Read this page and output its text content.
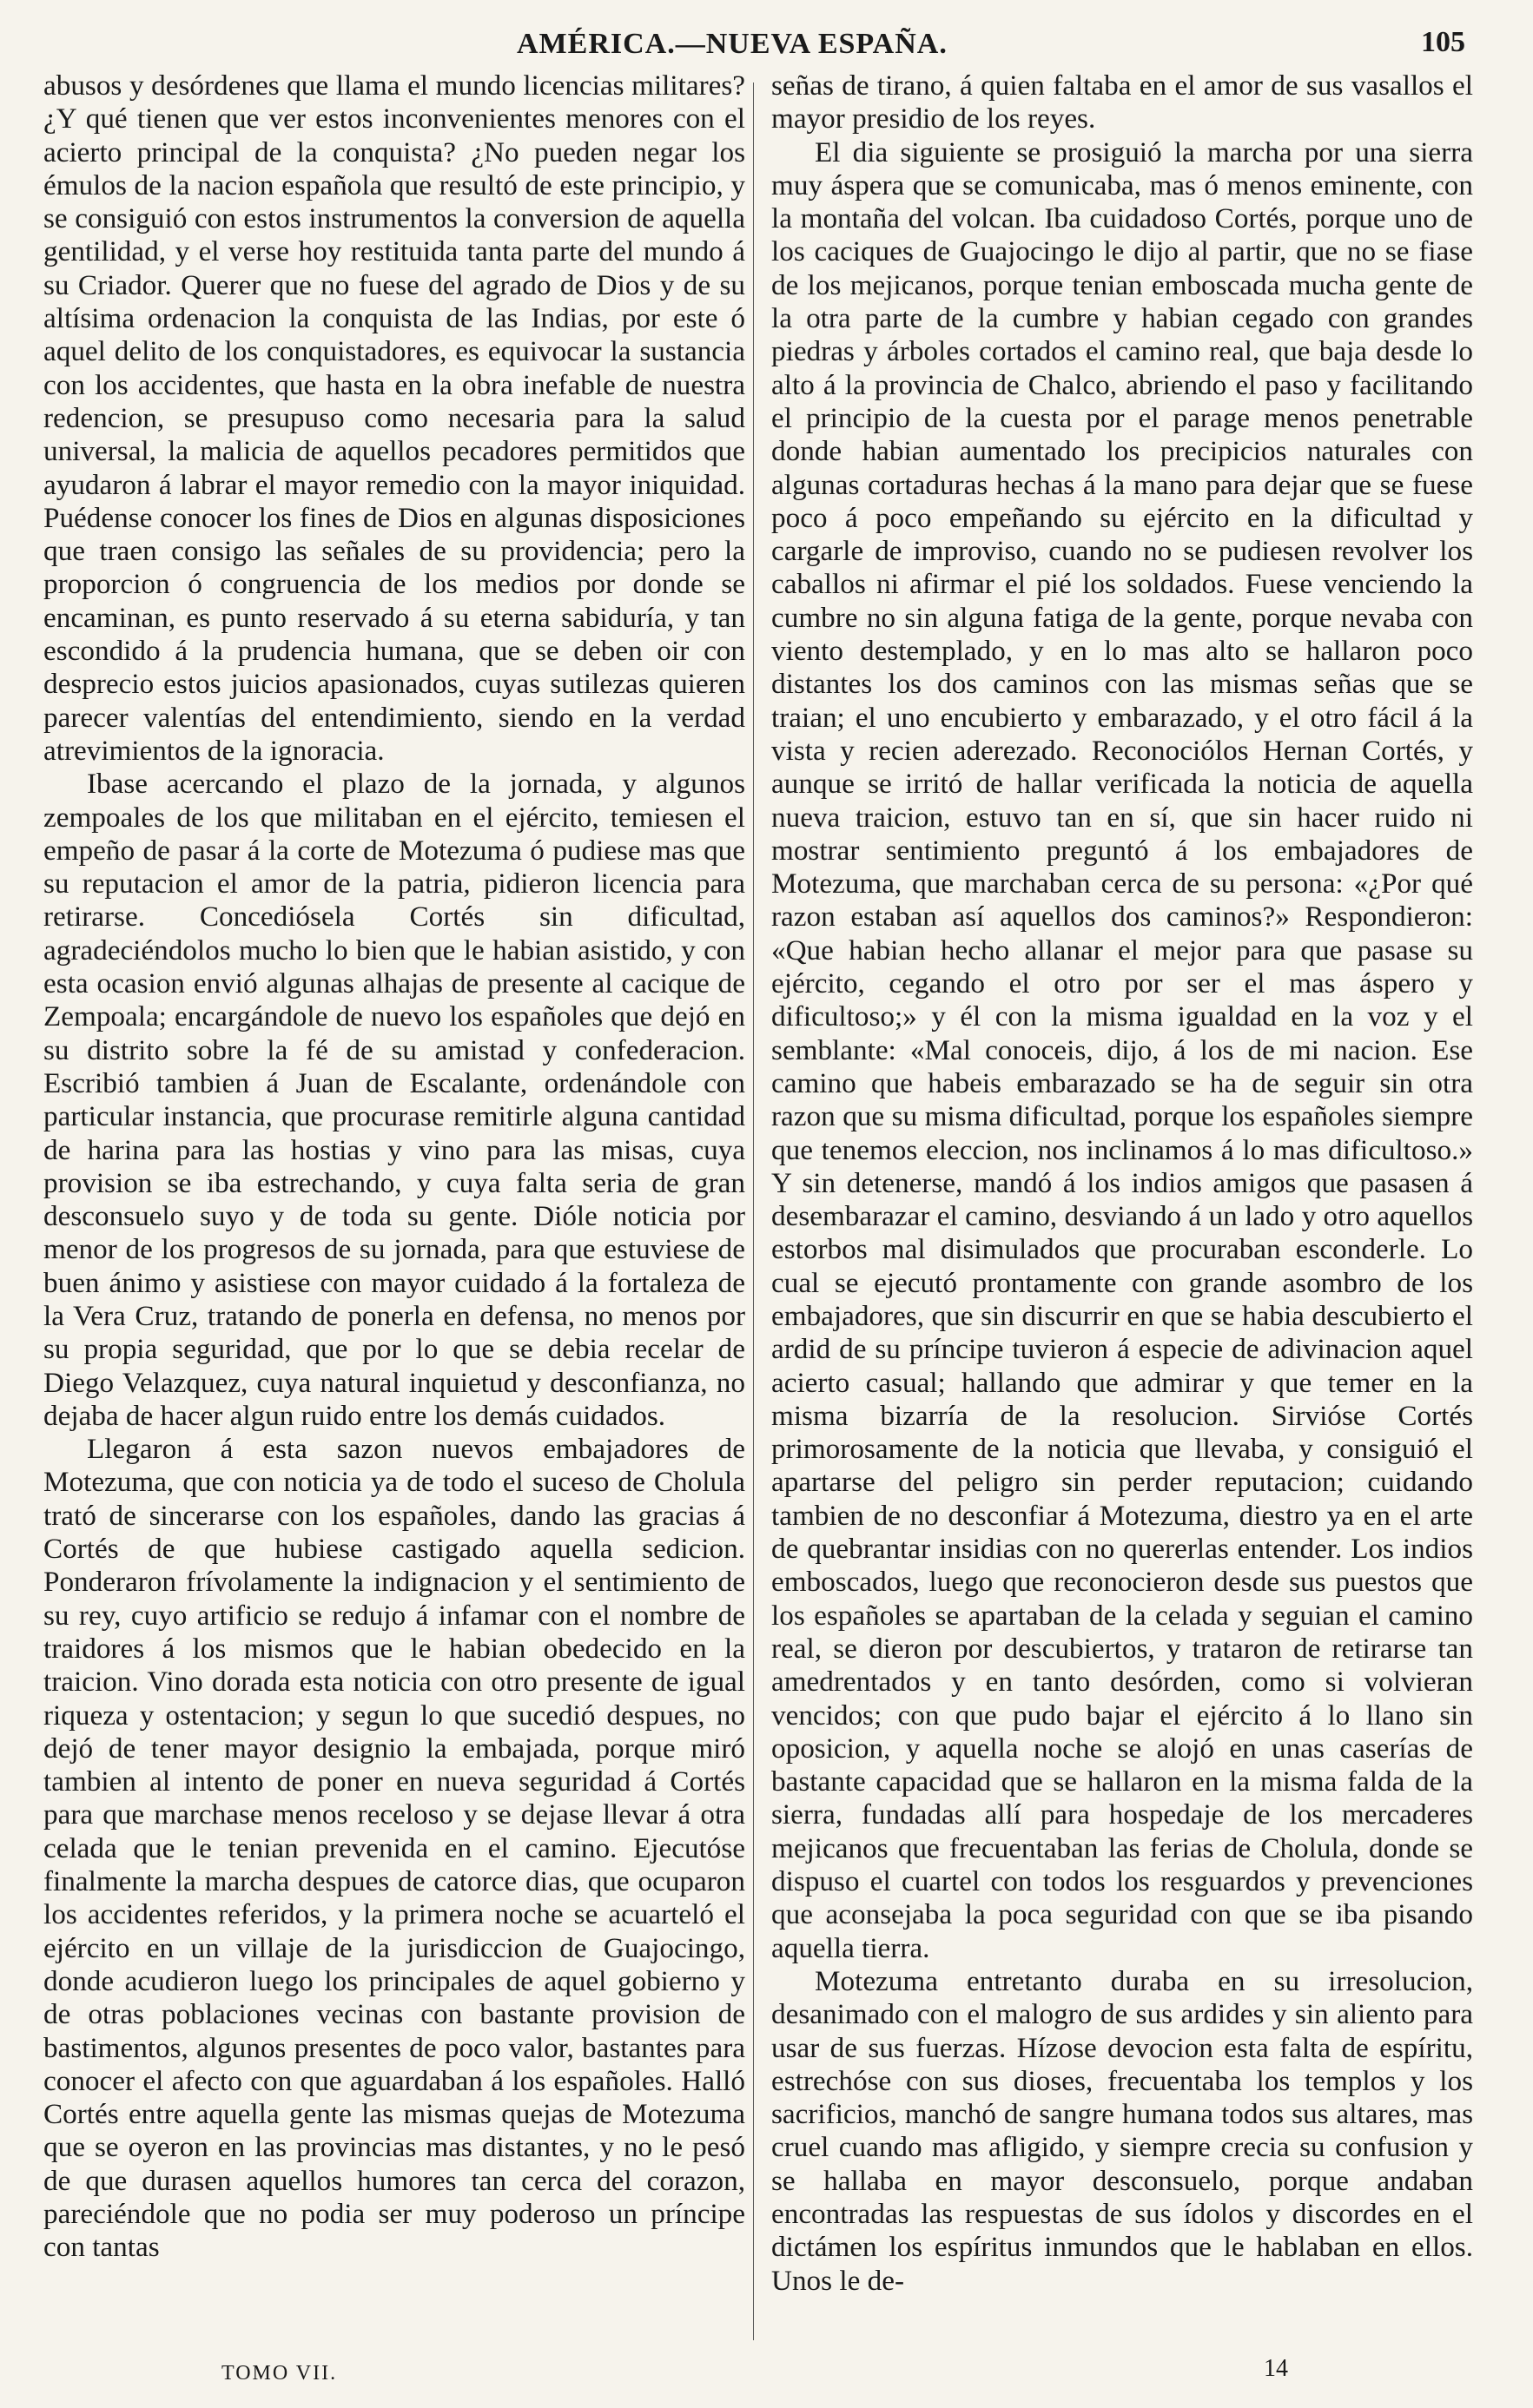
AMÉRICA.—NUEVA ESPAÑA.	105

abusos y desórdenes que llama el mundo licencias militares? ¿Y qué tienen que ver estos inconvenientes menores con el acierto principal de la conquista? ¿No pueden negar los émulos de la nacion española que resultó de este principio, y se consiguió con estos instrumentos la conversion de aquella gentilidad, y el verse hoy restituida tanta parte del mundo á su Criador. Querer que no fuese del agrado de Dios y de su altísima ordenacion la conquista de las Indias, por este ó aquel delito de los conquistadores, es equivocar la sustancia con los accidentes, que hasta en la obra inefable de nuestra redencion, se presupuso como necesaria para la salud universal, la malicia de aquellos pecadores permitidos que ayudaron á labrar el mayor remedio con la mayor iniquidad. Puédense conocer los fines de Dios en algunas disposiciones que traen consigo las señales de su providencia; pero la proporcion ó congruencia de los medios por donde se encaminan, es punto reservado á su eterna sabiduría, y tan escondido á la prudencia humana, que se deben oir con desprecio estos juicios apasionados, cuyas sutilezas quieren parecer valentías del entendimiento, siendo en la verdad atrevimientos de la ignoracia.

Ibase acercando el plazo de la jornada, y algunos zempoales de los que militaban en el ejército, temiesen el empeño de pasar á la corte de Motezuma ó pudiese mas que su reputacion el amor de la patria, pidieron licencia para retirarse. Concediósela Cortés sin dificultad, agradeciéndolos mucho lo bien que le habian asistido, y con esta ocasion envió algunas alhajas de presente al cacique de Zempoala; encargándole de nuevo los españoles que dejó en su distrito sobre la fé de su amistad y confederacion. Escribió tambien á Juan de Escalante, ordenándole con particular instancia, que procurase remitirle alguna cantidad de harina para las hostias y vino para las misas, cuya provision se iba estrechando, y cuya falta seria de gran desconsuelo suyo y de toda su gente. Dióle noticia por menor de los progresos de su jornada, para que estuviese de buen ánimo y asistiese con mayor cuidado á la fortaleza de la Vera Cruz, tratando de ponerla en defensa, no menos por su propia seguridad, que por lo que se debia recelar de Diego Velazquez, cuya natural inquietud y desconfianza, no dejaba de hacer algun ruido entre los demás cuidados.

Llegaron á esta sazon nuevos embajadores de Motezuma, que con noticia ya de todo el suceso de Cholula trató de sincerarse con los españoles, dando las gracias á Cortés de que hubiese castigado aquella sedicion. Ponderaron frívolamente la indignacion y el sentimiento de su rey, cuyo artificio se redujo á infamar con el nombre de traidores á los mismos que le habian obedecido en la traicion. Vino dorada esta noticia con otro presente de igual riqueza y ostentacion; y segun lo que sucedió despues, no dejó de tener mayor designio la embajada, porque miró tambien al intento de poner en nueva seguridad á Cortés para que marchase menos receloso y se dejase llevar á otra celada que le tenian prevenida en el camino. Ejecutóse finalmente la marcha despues de catorce dias, que ocuparon los accidentes referidos, y la primera noche se acuarteló el ejército en un villaje de la jurisdiccion de Guajocingo, donde acudieron luego los principales de aquel gobierno y de otras poblaciones vecinas con bastante provision de bastimentos, algunos presentes de poco valor, bastantes para conocer el afecto con que aguardaban á los españoles. Halló Cortés entre aquella gente las mismas quejas de Motezuma que se oyeron en las provincias mas distantes, y no le pesó de que durasen aquellos humores tan cerca del corazon, pareciéndole que no podia ser muy poderoso un príncipe con tantas

señas de tirano, á quien faltaba en el amor de sus vasallos el mayor presidio de los reyes.

El dia siguiente se prosiguió la marcha por una sierra muy áspera que se comunicaba, mas ó menos eminente, con la montaña del volcan. Iba cuidadoso Cortés, porque uno de los caciques de Guajocingo le dijo al partir, que no se fiase de los mejicanos, porque tenian emboscada mucha gente de la otra parte de la cumbre y habian cegado con grandes piedras y árboles cortados el camino real, que baja desde lo alto á la provincia de Chalco, abriendo el paso y facilitando el principio de la cuesta por el parage menos penetrable donde habian aumentado los precipicios naturales con algunas cortaduras hechas á la mano para dejar que se fuese poco á poco empeñando su ejército en la dificultad y cargarle de improviso, cuando no se pudiesen revolver los caballos ni afirmar el pié los soldados. Fuese venciendo la cumbre no sin alguna fatiga de la gente, porque nevaba con viento destemplado, y en lo mas alto se hallaron poco distantes los dos caminos con las mismas señas que se traian; el uno encubierto y embarazado, y el otro fácil á la vista y recien aderezado. Reconociólos Hernan Cortés, y aunque se irritó de hallar verificada la noticia de aquella nueva traicion, estuvo tan en sí, que sin hacer ruido ni mostrar sentimiento preguntó á los embajadores de Motezuma, que marchaban cerca de su persona: «¿Por qué razon estaban así aquellos dos caminos?» Respondieron: «Que habian hecho allanar el mejor para que pasase su ejército, cegando el otro por ser el mas áspero y dificultoso;» y él con la misma igualdad en la voz y el semblante: «Mal conoceis, dijo, á los de mi nacion. Ese camino que habeis embarazado se ha de seguir sin otra razon que su misma dificultad, porque los españoles siempre que tenemos eleccion, nos inclinamos á lo mas dificultoso.» Y sin detenerse, mandó á los indios amigos que pasasen á desembarazar el camino, desviando á un lado y otro aquellos estorbos mal disimulados que procuraban esconderle. Lo cual se ejecutó prontamente con grande asombro de los embajadores, que sin discurrir en que se habia descubierto el ardid de su príncipe tuvieron á especie de adivinacion aquel acierto casual; hallando que admirar y que temer en la misma bizarría de la resolucion. Sirvióse Cortés primorosamente de la noticia que llevaba, y consiguió el apartarse del peligro sin perder reputacion; cuidando tambien de no desconfiar á Motezuma, diestro ya en el arte de quebrantar insidias con no quererlas entender. Los indios emboscados, luego que reconocieron desde sus puestos que los españoles se apartaban de la celada y seguian el camino real, se dieron por descubiertos, y trataron de retirarse tan amedrentados y en tanto desórden, como si volvieran vencidos; con que pudo bajar el ejército á lo llano sin oposicion, y aquella noche se alojó en unas caserías de bastante capacidad que se hallaron en la misma falda de la sierra, fundadas allí para hospedaje de los mercaderes mejicanos que frecuentaban las ferias de Cholula, donde se dispuso el cuartel con todos los resguardos y prevenciones que aconsejaba la poca seguridad con que se iba pisando aquella tierra.

Motezuma entretanto duraba en su irresolucion, desanimado con el malogro de sus ardides y sin aliento para usar de sus fuerzas. Hízose devocion esta falta de espíritu, estrechóse con sus dioses, frecuentaba los templos y los sacrificios, manchó de sangre humana todos sus altares, mas cruel cuando mas afligido, y siempre crecia su confusion y se hallaba en mayor desconsuelo, porque andaban encontradas las respuestas de sus ídolos y discordes en el dictámen los espíritus inmundos que le hablaban en ellos. Unos le de-

TOMO VII.	14
